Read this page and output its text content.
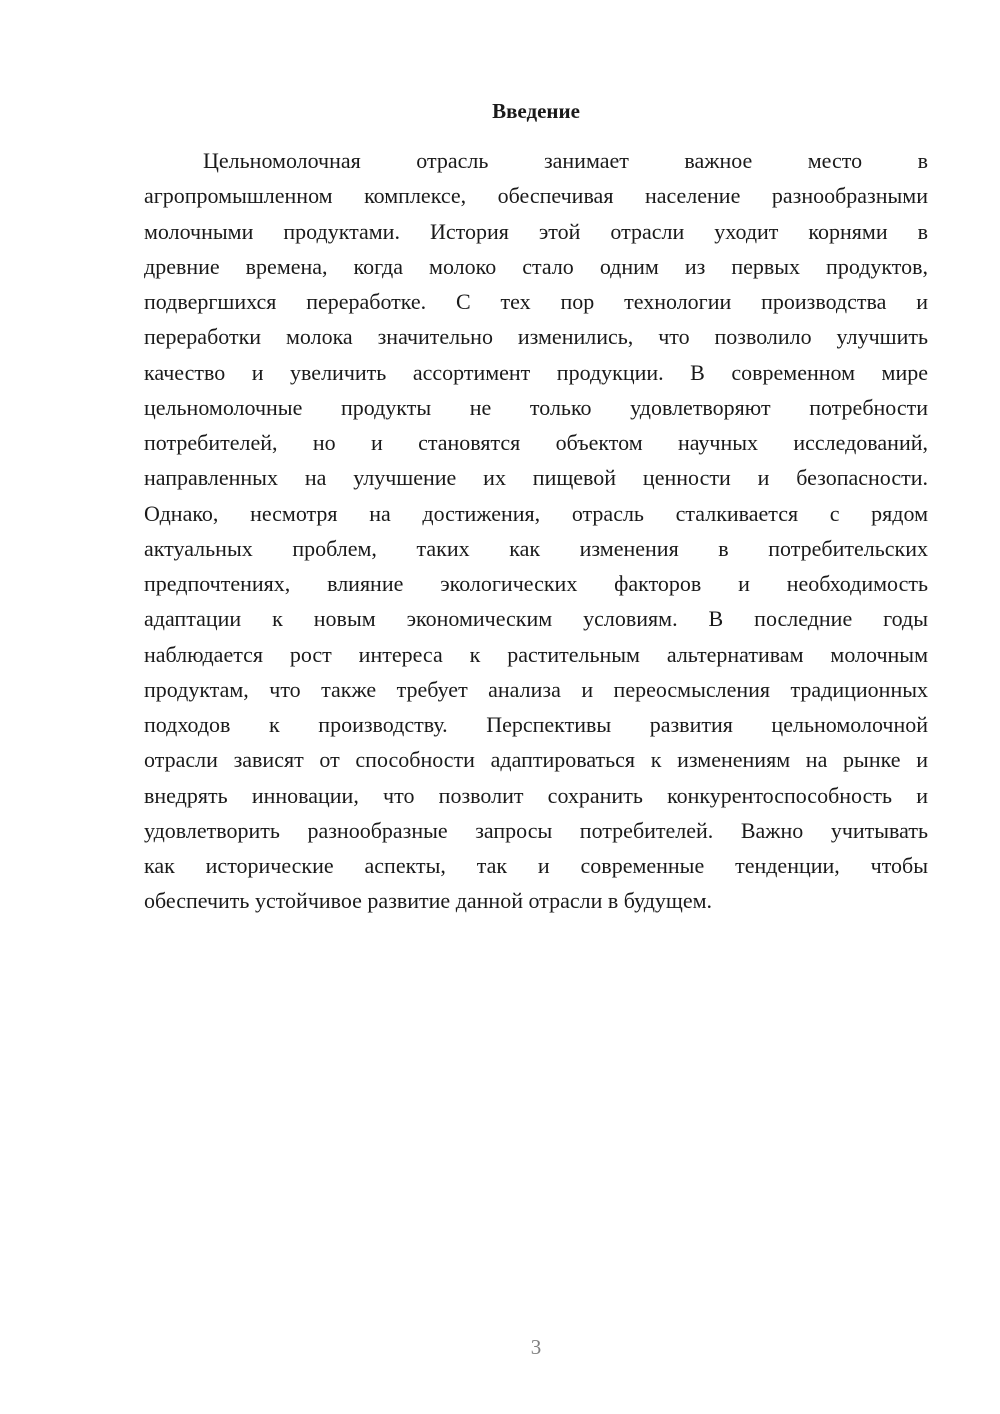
Введение
Цельномолочная отрасль занимает важное место в
агропромышленном комплексе, обеспечивая население разнообразными
молочными продуктами. История этой отрасли уходит корнями в
древние времена, когда молоко стало одним из первых продуктов,
подвергшихся переработке. С тех пор технологии производства и
переработки молока значительно изменились, что позволило улучшить
качество и увеличить ассортимент продукции. В современном мире
цельномолочные продукты не только удовлетворяют потребности
потребителей, но и становятся объектом научных исследований,
направленных на улучшение их пищевой ценности и безопасности.
Однако, несмотря на достижения, отрасль сталкивается с рядом
актуальных проблем, таких как изменения в потребительских
предпочтениях, влияние экологических факторов и необходимость
адаптации к новым экономическим условиям. В последние годы
наблюдается рост интереса к растительным альтернативам молочным
продуктам, что также требует анализа и переосмысления традиционных
подходов к производству. Перспективы развития цельномолочной
отрасли зависят от способности адаптироваться к изменениям на рынке и
внедрять инновации, что позволит сохранить конкурентоспособность и
удовлетворить разнообразные запросы потребителей. Важно учитывать
как исторические аспекты, так и современные тенденции, чтобы
обеспечить устойчивое развитие данной отрасли в будущем.
3
